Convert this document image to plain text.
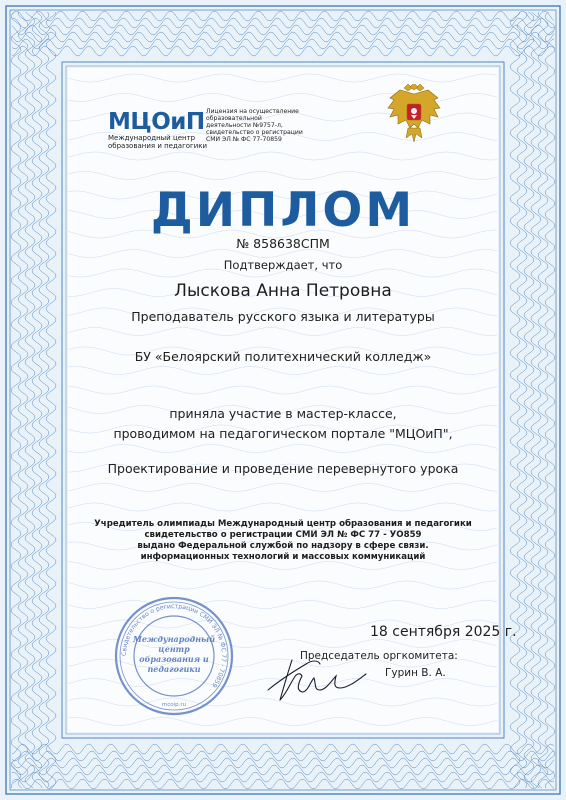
МЦОиП
Международный центр образования и педагогики
Лицензия на осуществление образовательной деятельности №9757-л, свидетельство о регистрации СМИ ЭЛ № ФС 77-70859
ДИПЛОМ
№ 858638СПМ
Подтверждает, что
Лыскова Анна Петровна
Преподаватель русского языка и литературы
БУ «Белоярский политехнический колледж»
приняла участие в мастер-классе,
проводимом на педагогическом портале "МЦОиП",
Проектирование и проведение перевернутого урока
Учредитель олимпиады Международный центр образования и педагогики
свидетельство о регистрации СМИ ЭЛ № ФС 77 - УО859
выдано Федеральной службой по надзору в сфере связи.
информационных технологий и массовых коммуникаций
Свидетельство о регистрации СМИ ЭЛ № ФС 77 - 70859
Международный
центр
образования и
педагогики
mcoip.ru
18 сентября 2025 г.
Председатель оргкомитета:
Гурин В. А.
